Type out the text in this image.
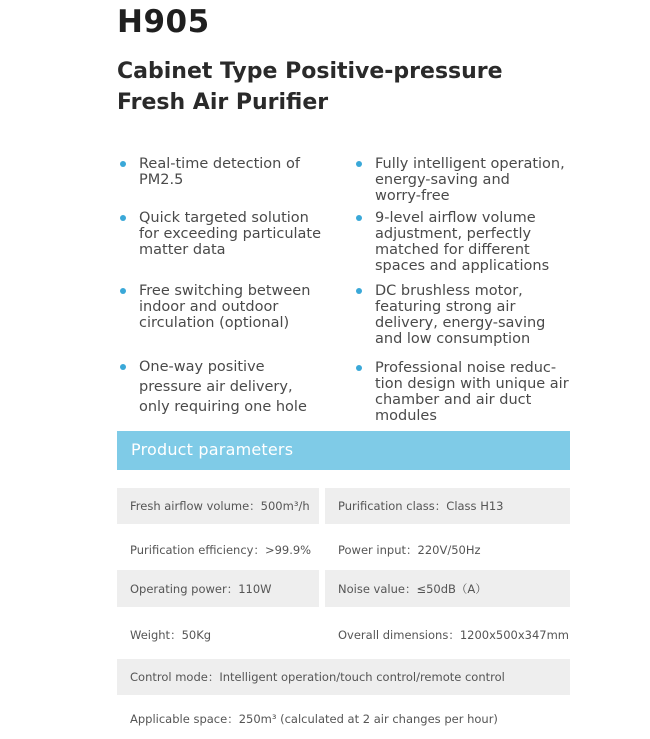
H905
Cabinet Type Positive-pressure
Fresh Air Purifier
Real-time detection of
PM2.5
Quick targeted solution
for exceeding particulate
matter data
Free switching between
indoor and outdoor
circulation (optional)
One-way positive
pressure air delivery,
only requiring one hole
Fully intelligent operation,
energy-saving and
worry-free
9-level airflow volume
adjustment, perfectly
matched for different
spaces and applications
DC brushless motor,
featuring strong air
delivery, energy-saving
and low consumption
Professional noise reduc-
tion design with unique air
chamber and air duct
modules
Product parameters
Fresh airflow volume：500m³/h	Purification class：Class H13
Purification efficiency：>99.9%	Power input：220V/50Hz
Operating power：110W	Noise value：≤50dB（A）
Weight：50Kg	Overall dimensions：1200x500x347mm
Control mode：Intelligent operation/touch control/remote control
Applicable space：250m³ (calculated at 2 air changes per hour)
